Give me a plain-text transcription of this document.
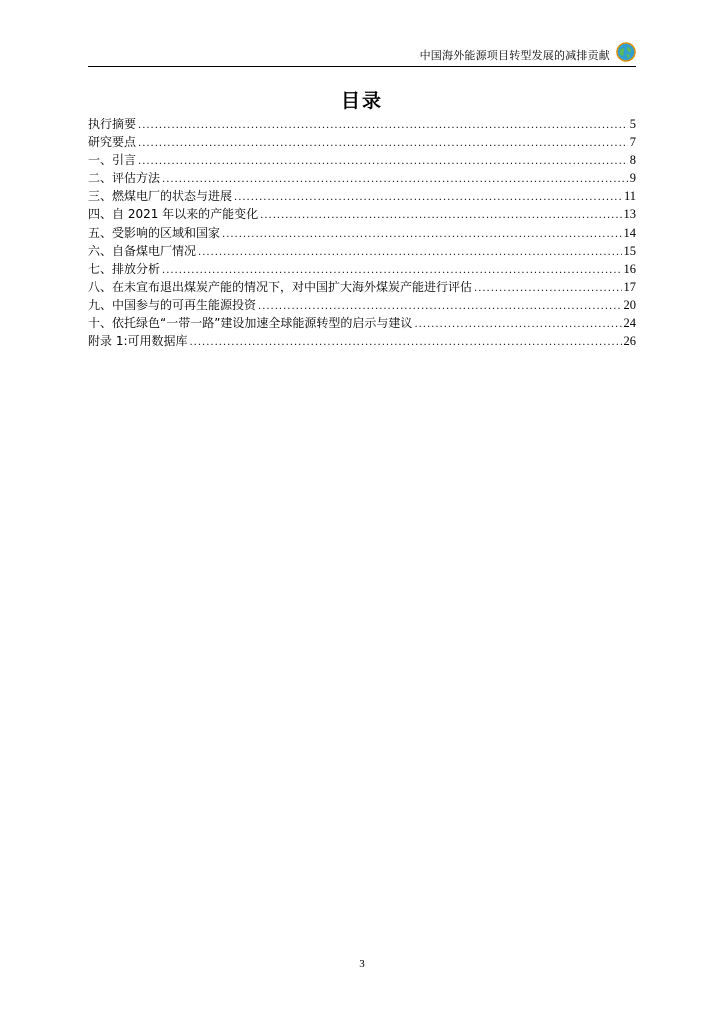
中国海外能源项目转型发展的减排贡献
目录
执行摘要 .....	5
研究要点 .....	7
一、引言 .....	8
二、评估方法 .....	9
三、燃煤电厂的状态与进展 .....	11
四、自 2021 年以来的产能变化 .....	13
五、受影响的区域和国家 .....	14
六、自备煤电厂情况 .....	15
七、排放分析 .....	16
八、在未宣布退出煤炭产能的情况下，对中国扩大海外煤炭产能进行评估 .....	17
九、中国参与的可再生能源投资 .....	20
十、依托绿色“一带一路”建设加速全球能源转型的启示与建议 .....	24
附录 1:可用数据库 .....	26
3
